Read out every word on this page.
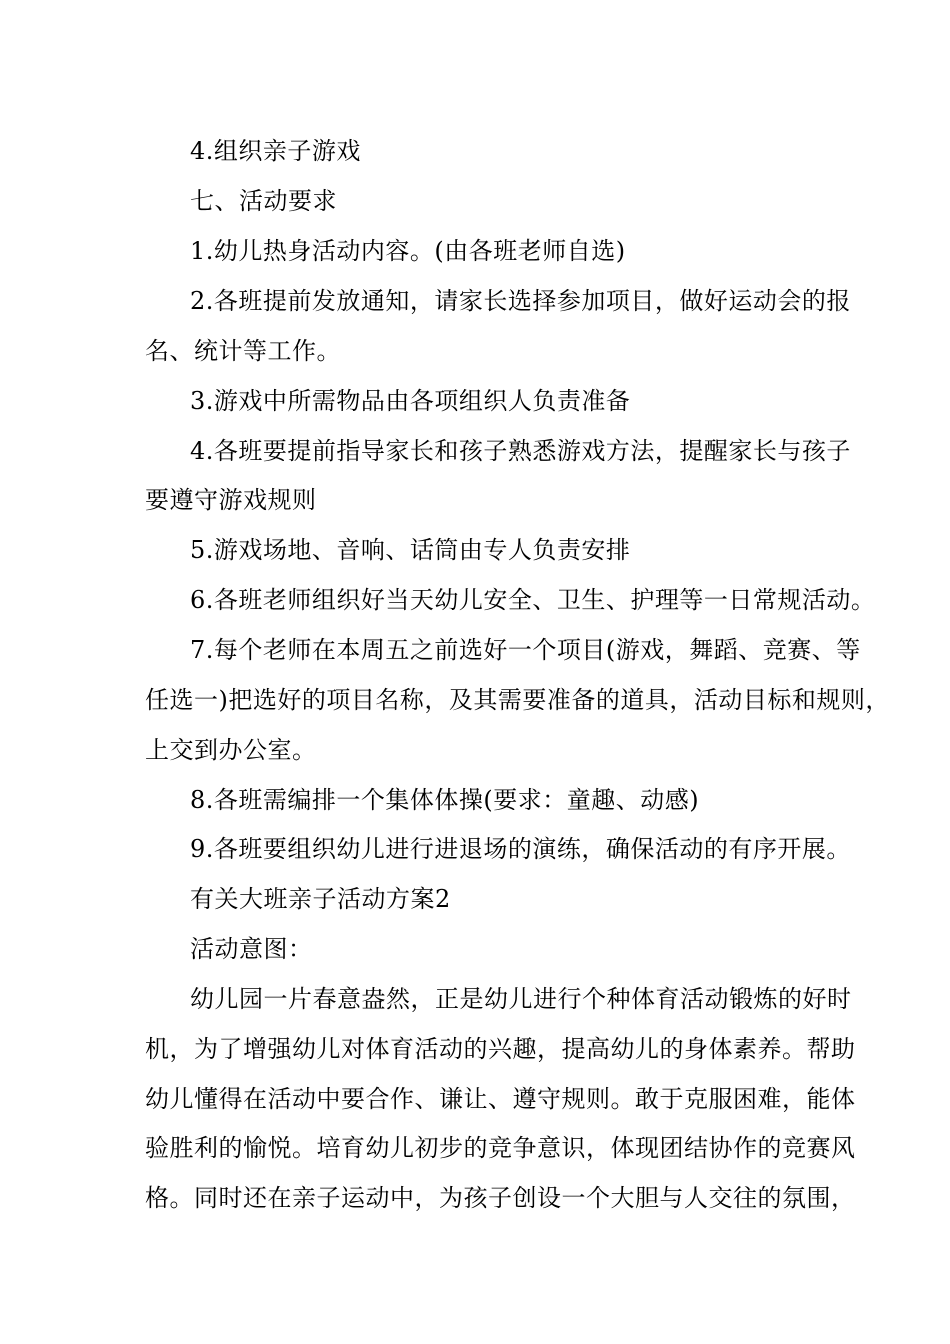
4.组织亲子游戏
七、活动要求
1.幼儿热身活动内容。(由各班老师自选)
2.各班提前发放通知，请家长选择参加项目，做好运动会的报
名、统计等工作。
3.游戏中所需物品由各项组织人负责准备
4.各班要提前指导家长和孩子熟悉游戏方法，提醒家长与孩子
要遵守游戏规则
5.游戏场地、音响、话筒由专人负责安排
6.各班老师组织好当天幼儿安全、卫生、护理等一日常规活动。
7.每个老师在本周五之前选好一个项目(游戏，舞蹈、竞赛、等
任选一)把选好的项目名称，及其需要准备的道具，活动目标和规则，
上交到办公室。
8.各班需编排一个集体体操(要求：童趣、动感)
9.各班要组织幼儿进行进退场的演练，确保活动的有序开展。
有关大班亲子活动方案2
活动意图：
幼儿园一片春意盎然，正是幼儿进行个种体育活动锻炼的好时
机，为了增强幼儿对体育活动的兴趣，提高幼儿的身体素养。帮助
幼儿懂得在活动中要合作、谦让、遵守规则。敢于克服困难，能体
验胜利的愉悦。培育幼儿初步的竞争意识，体现团结协作的竞赛风
格。同时还在亲子运动中，为孩子创设一个大胆与人交往的氛围，
